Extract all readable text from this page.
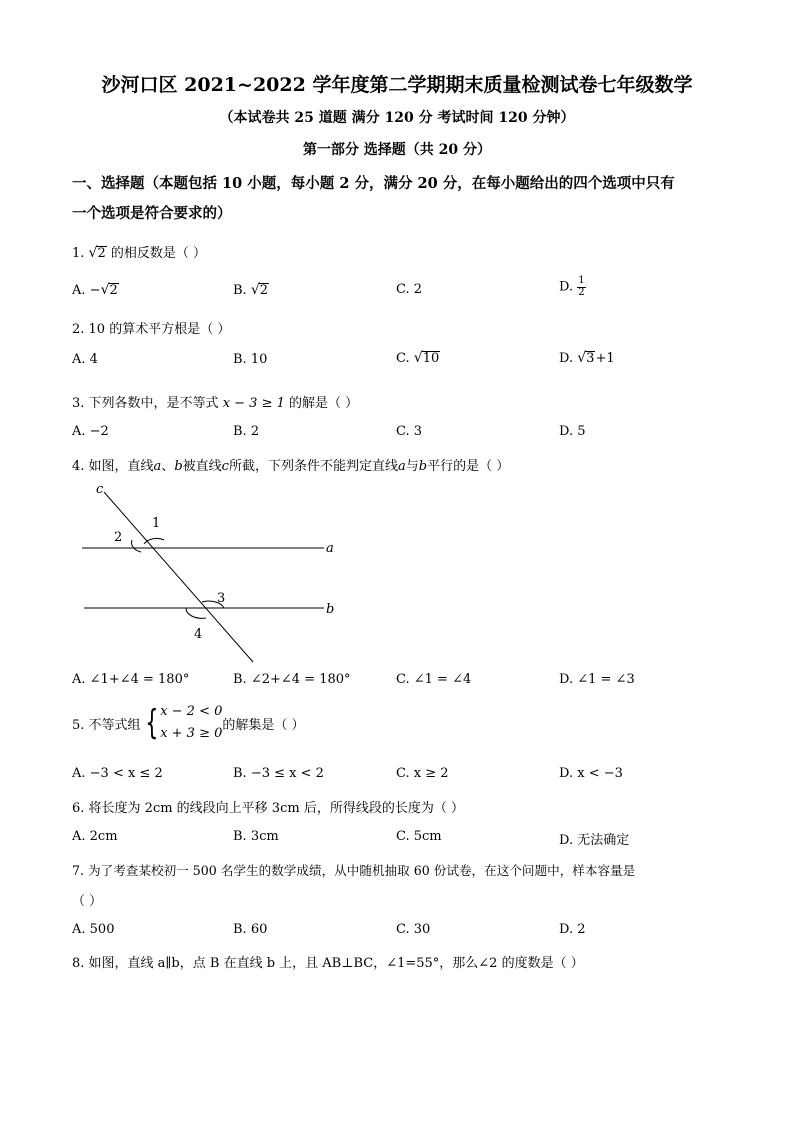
沙河口区 2021~2022 学年度第二学期期末质量检测试卷七年级数学
（本试卷共 25 道题 满分 120 分 考试时间 120 分钟）
第一部分 选择题（共 20 分）
一、选择题（本题包括 10 小题，每小题 2 分，满分 20 分，在每小题给出的四个选项中只有
一个选项是符合要求的）
1. √2 的相反数是（ ）
A. −√2	B. √2	C. 2	D. $\frac{1}{2}$
2. 10 的算术平方根是（ ）
A. 4	B. 10	C. √10	D. √3+1
3. 下列各数中，是不等式 x − 3 ≥ 1 的解是（ ）
A. −2	B. 2	C. 3	D. 5
4. 如图，直线a、b被直线c所截，下列条件不能判定直线a与b平行的是（ ）
c
1
2
3
4
a
b
A. ∠1+∠4 = 180°	B. ∠2+∠4 = 180°	C. ∠1 = ∠4	D. ∠1 = ∠3
5. 不等式组 { x − 2 < 0
x + 3 ≥ 0
的解集是（ ）
A. −3 < x ≤ 2	B. −3 ≤ x < 2	C. x ≥ 2	D. x < −3
6. 将长度为 2cm 的线段向上平移 3cm 后，所得线段的长度为（ ）
A. 2cm	B. 3cm	C. 5cm	D. 无法确定
7. 为了考查某校初一 500 名学生的数学成绩，从中随机抽取 60 份试卷，在这个问题中，样本容量是
（ ）
A. 500	B. 60	C. 30	D. 2
8. 如图，直线 a∥b，点 B 在直线 b 上，且 AB⊥BC，∠1=55°，那么∠2 的度数是（ ）
